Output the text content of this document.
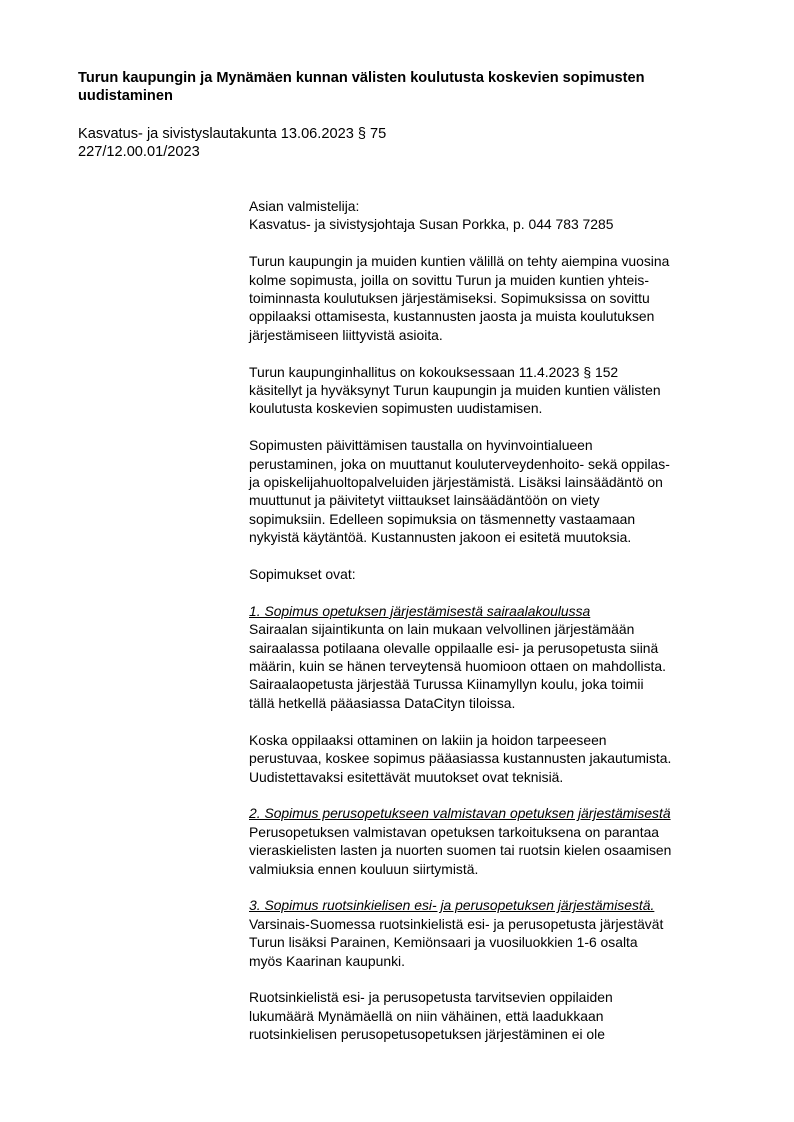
Turun kaupungin ja Mynämäen kunnan välisten koulutusta koskevien sopimusten
uudistaminen
Kasvatus- ja sivistyslautakunta 13.06.2023 § 75
227/12.00.01/2023
Asian valmistelija:
Kasvatus- ja sivistysjohtaja Susan Porkka, p. 044 783 7285
Turun kaupungin ja muiden kuntien välillä on tehty aiempina vuosina
kolme sopimusta, joilla on sovittu Turun ja muiden kuntien yhteis-
toiminnasta koulutuksen järjestämiseksi. Sopimuksissa on sovittu
oppilaaksi ottamisesta, kustannusten jaosta ja muista koulutuksen
järjestämiseen liittyvistä asioita.
Turun kaupunginhallitus on kokouksessaan 11.4.2023 § 152
käsitellyt ja hyväksynyt Turun kaupungin ja muiden kuntien välisten
koulutusta koskevien sopimusten uudistamisen.
Sopimusten päivittämisen taustalla on hyvinvointialueen
perustaminen, joka on muuttanut kouluterveydenhoito- sekä oppilas-
ja opiskelijahuoltopalveluiden järjestämistä. Lisäksi lainsäädäntö on
muuttunut ja päivitetyt viittaukset lainsäädäntöön on viety
sopimuksiin. Edelleen sopimuksia on täsmennetty vastaamaan
nykyistä käytäntöä. Kustannusten jakoon ei esitetä muutoksia.
Sopimukset ovat:
1. Sopimus opetuksen järjestämisestä sairaalakoulussa
Sairaalan sijaintikunta on lain mukaan velvollinen järjestämään
sairaalassa potilaana olevalle oppilaalle esi- ja perusopetusta siinä
määrin, kuin se hänen terveytensä huomioon ottaen on mahdollista.
Sairaalaopetusta järjestää Turussa Kiinamyllyn koulu, joka toimii
tällä hetkellä pääasiassa DataCityn tiloissa.
Koska oppilaaksi ottaminen on lakiin ja hoidon tarpeeseen
perustuvaa, koskee sopimus pääasiassa kustannusten jakautumista.
Uudistettavaksi esitettävät muutokset ovat teknisiä.
2. Sopimus perusopetukseen valmistavan opetuksen järjestämisestä
Perusopetuksen valmistavan opetuksen tarkoituksena on parantaa
vieraskielisten lasten ja nuorten suomen tai ruotsin kielen osaamisen
valmiuksia ennen kouluun siirtymistä.
3. Sopimus ruotsinkielisen esi- ja perusopetuksen järjestämisestä.
Varsinais-Suomessa ruotsinkielistä esi- ja perusopetusta järjestävät
Turun lisäksi Parainen, Kemiönsaari ja vuosiluokkien 1-6 osalta
myös Kaarinan kaupunki.
Ruotsinkielistä esi- ja perusopetusta tarvitsevien oppilaiden
lukumäärä Mynämäellä on niin vähäinen, että laadukkaan
ruotsinkielisen perusopetusopetuksen järjestäminen ei ole
